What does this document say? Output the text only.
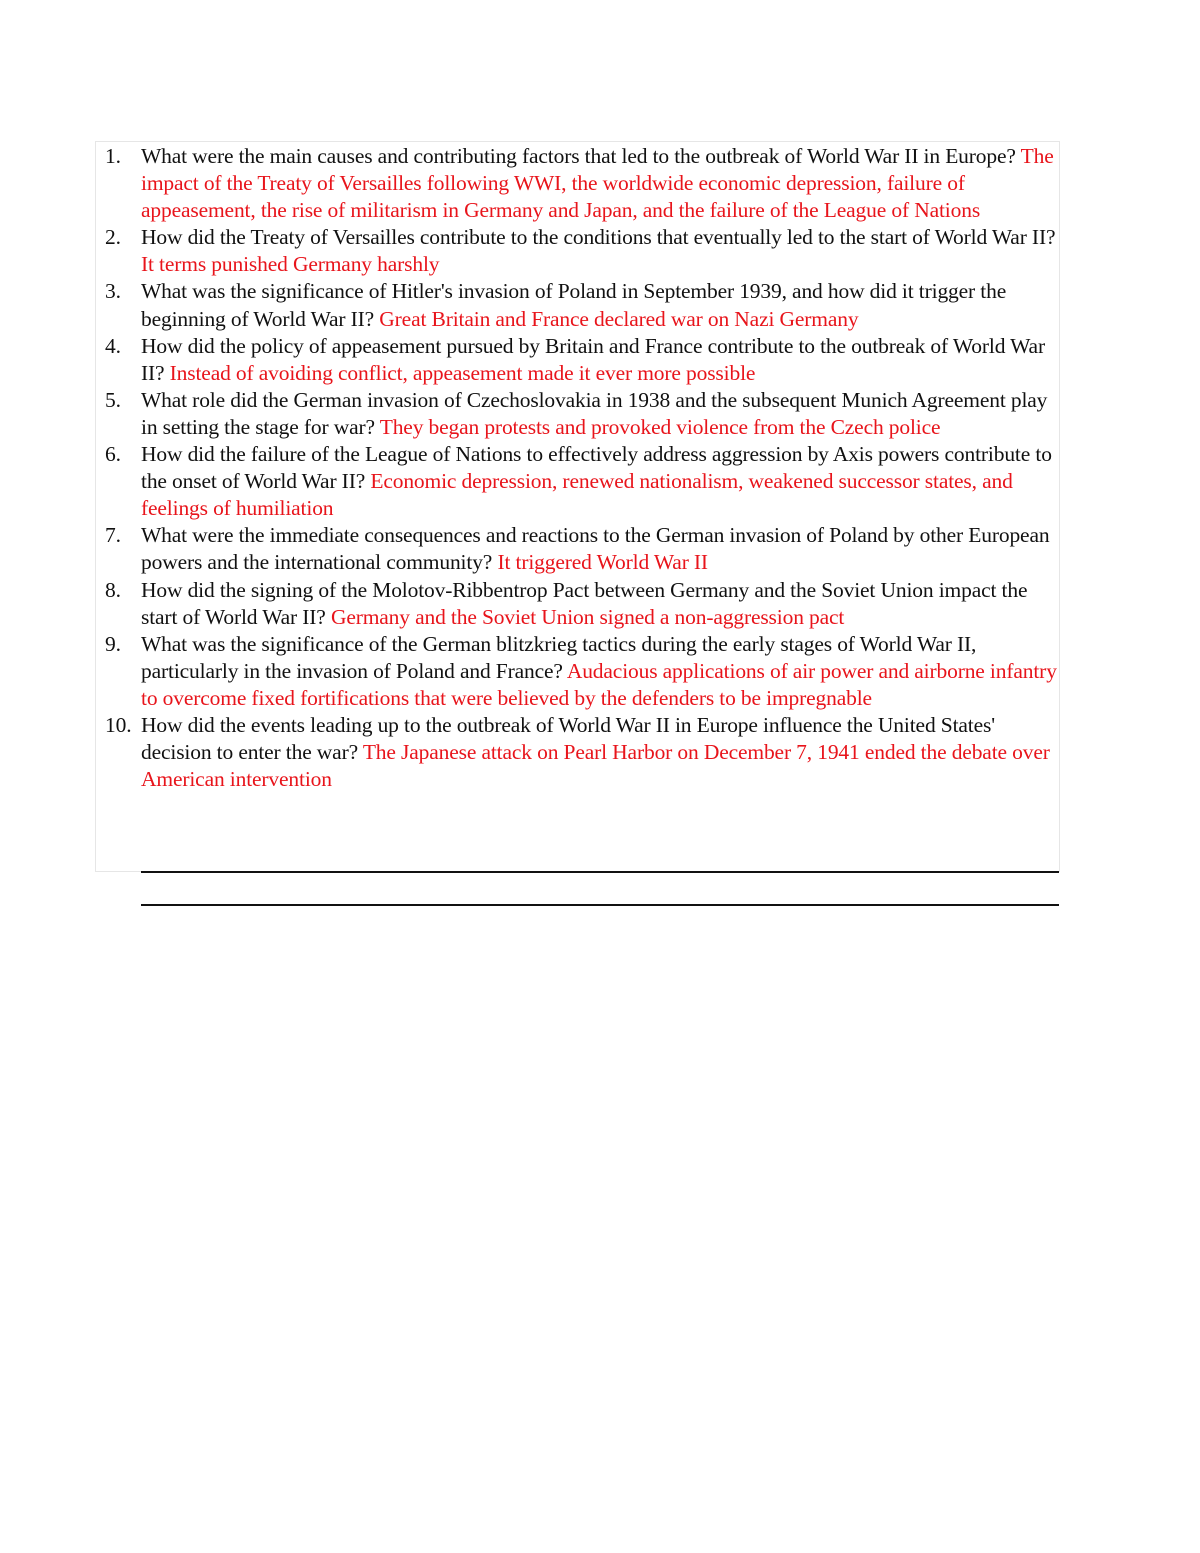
1. What were the main causes and contributing factors that led to the outbreak of World War II in Europe? The impact of the Treaty of Versailles following WWI, the worldwide economic depression, failure of appeasement, the rise of militarism in Germany and Japan, and the failure of the League of Nations
2. How did the Treaty of Versailles contribute to the conditions that eventually led to the start of World War II? It terms punished Germany harshly
3. What was the significance of Hitler's invasion of Poland in September 1939, and how did it trigger the beginning of World War II? Great Britain and France declared war on Nazi Germany
4. How did the policy of appeasement pursued by Britain and France contribute to the outbreak of World War II? Instead of avoiding conflict, appeasement made it ever more possible
5. What role did the German invasion of Czechoslovakia in 1938 and the subsequent Munich Agreement play in setting the stage for war? They began protests and provoked violence from the Czech police
6. How did the failure of the League of Nations to effectively address aggression by Axis powers contribute to the onset of World War II? Economic depression, renewed nationalism, weakened successor states, and feelings of humiliation
7. What were the immediate consequences and reactions to the German invasion of Poland by other European powers and the international community? It triggered World War II
8. How did the signing of the Molotov-Ribbentrop Pact between Germany and the Soviet Union impact the start of World War II? Germany and the Soviet Union signed a non-aggression pact
9. What was the significance of the German blitzkrieg tactics during the early stages of World War II, particularly in the invasion of Poland and France? Audacious applications of air power and airborne infantry to overcome fixed fortifications that were believed by the defenders to be impregnable
10. How did the events leading up to the outbreak of World War II in Europe influence the United States' decision to enter the war? The Japanese attack on Pearl Harbor on December 7, 1941 ended the debate over American intervention
